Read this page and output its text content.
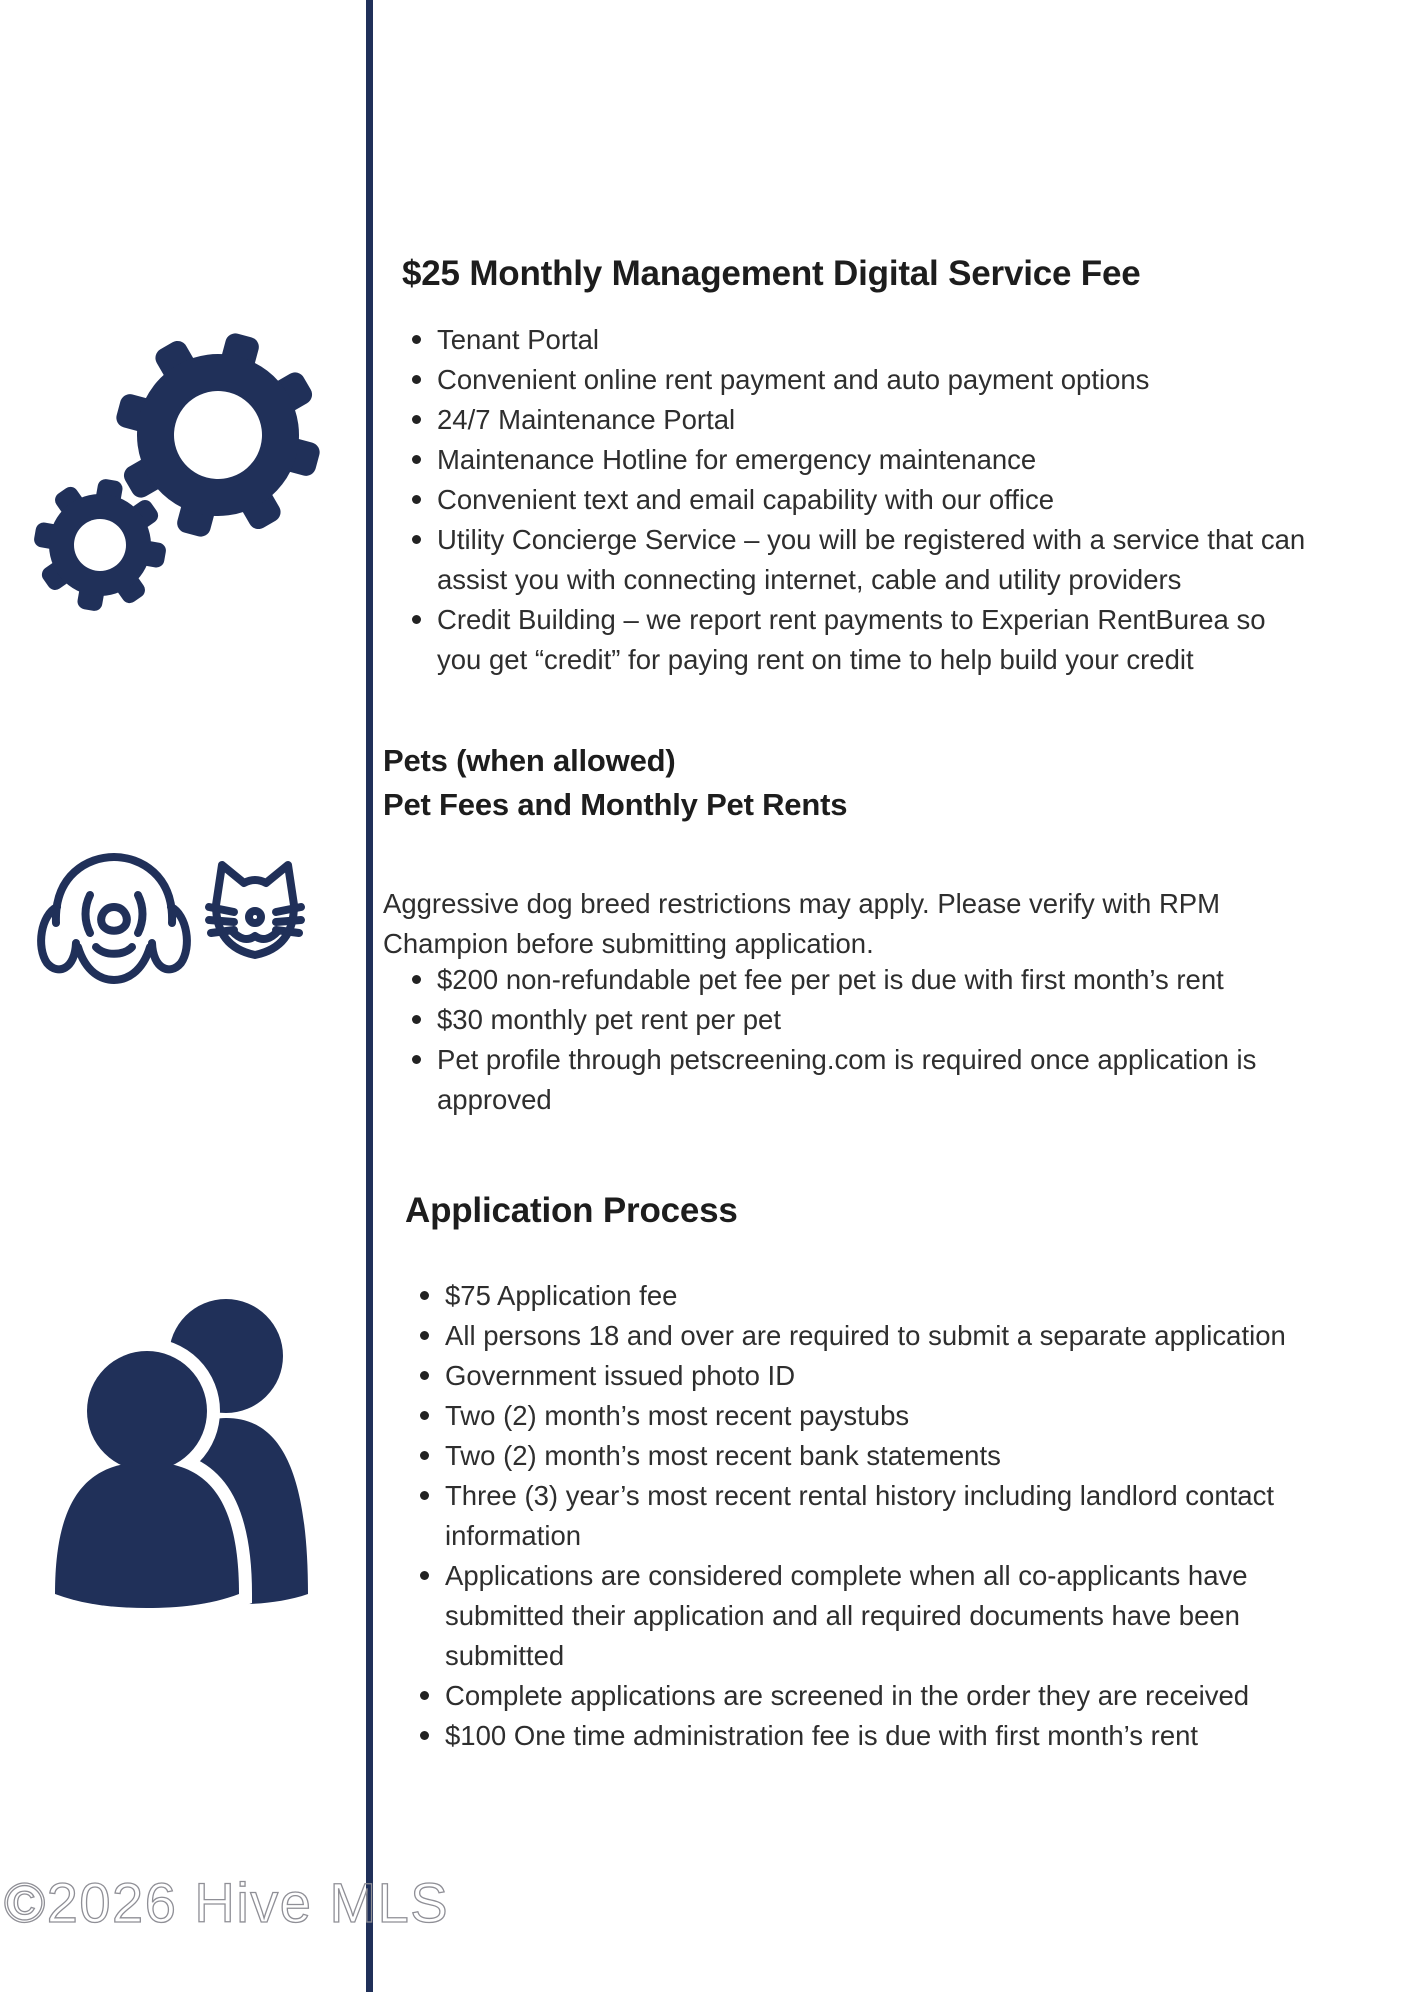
$25 Monthly Management Digital Service Fee
Tenant Portal
Convenient online rent payment and auto payment options
24/7 Maintenance Portal
Maintenance Hotline for emergency maintenance
Convenient text and email capability with our office
Utility Concierge Service – you will be registered with a service that can
assist you with connecting internet, cable and utility providers
Credit Building – we report rent payments to Experian RentBurea so
you get “credit” for paying rent on time to help build your credit
Pets (when allowed)
Pet Fees and Monthly Pet Rents
Aggressive dog breed restrictions may apply. Please verify with RPM
Champion before submitting application.
$200 non-refundable pet fee per pet is due with first month’s rent
$30 monthly pet rent per pet
Pet profile through petscreening.com is required once application is
approved
Application Process
$75 Application fee
All persons 18 and over are required to submit a separate application
Government issued photo ID
Two (2) month’s most recent paystubs
Two (2) month’s most recent bank statements
Three (3) year’s most recent rental history including landlord contact
information
Applications are considered complete when all co-applicants have
submitted their application and all required documents have been
submitted
Complete applications are screened in the order they are received
$100 One time administration fee is due with first month’s rent
©2026 Hive MLS
